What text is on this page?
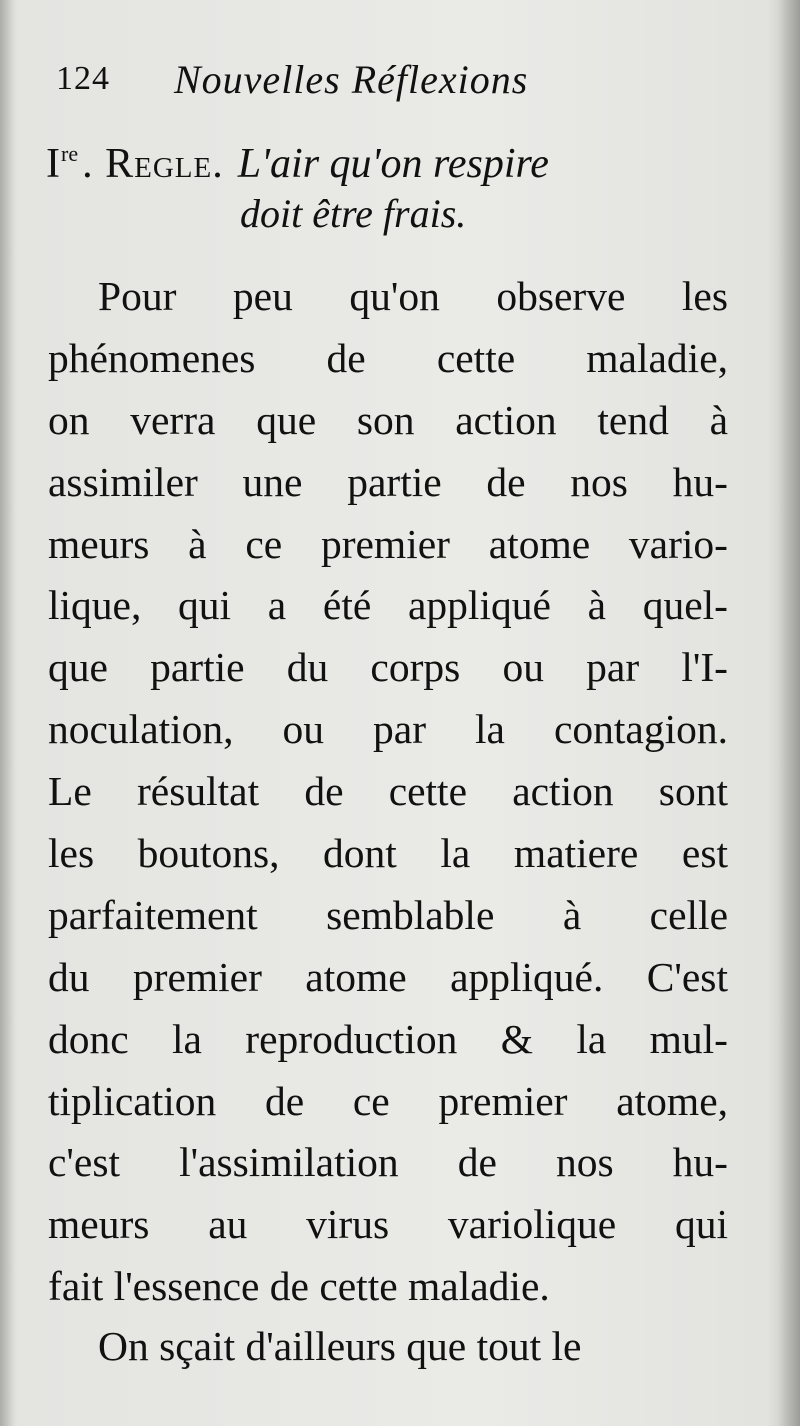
124 Nouvelles Réflexions
Ire. Regle. L'air qu'on respire
doit être frais.
Pour peu qu'on observe les
phénomenes de cette maladie,
on verra que son action tend à
assimiler une partie de nos hu-
meurs à ce premier atome vario-
lique, qui a été appliqué à quel-
que partie du corps ou par l'I-
noculation, ou par la contagion.
Le résultat de cette action sont
les boutons, dont la matiere est
parfaitement semblable à celle
du premier atome appliqué. C'est
donc la reproduction & la mul-
tiplication de ce premier atome,
c'est l'assimilation de nos hu-
meurs au virus variolique qui
fait l'essence de cette maladie.
On sçait d'ailleurs que tout le
